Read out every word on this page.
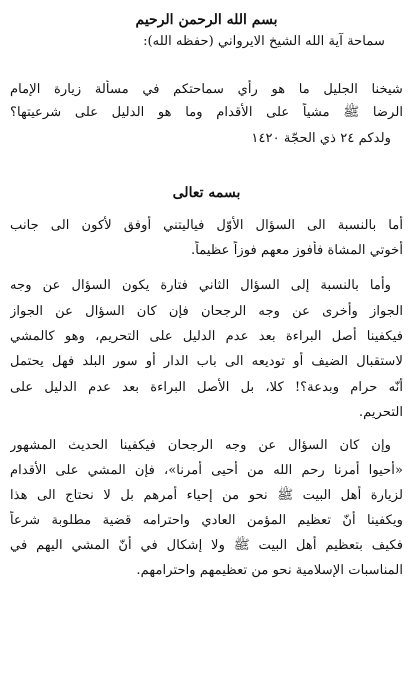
بسم الله الرحمن الرحيم
سماحة آية الله الشيخ الايرواني (حفظه الله):
شيخنا الجليل ما هو رأي سماحتكم في مسألة زيارة الإمام
الرضا ﷺ مشياً على الأقدام وما هو الدليل على شرعيتها؟
ولدكم ٢٤ ذي الحجّة ١٤٢٠
بسمه تعالى
أما بالنسبة الى السؤال الأوّل فياليتني أوفق لأكون الى جانب
أخوتي المشاة فأفوز معهم فوزاً عظيماً.
وأما بالنسبة إلى السؤال الثاني فتارة يكون السؤال عن وجه
الجواز وأخرى عن وجه الرجحان فإن كان السؤال عن الجواز
فيكفينا أصل البراءة بعد عدم الدليل على التحريم، وهو كالمشي
لاستقبال الضيف أو توديعه الى باب الدار أو سور البلد فهل يحتمل
أنّه حرام وبدعة؟! كلا، بل الأصل البراءة بعد عدم الدليل على
التحريم.
وإن كان السؤال عن وجه الرجحان فيكفينا الحديث المشهور
«أحيوا أمرنا رحم الله من أحيى أمرنا»، فإن المشي على الأقدام
لزيارة أهل البيت ﷺ نحو من إحياء أمرهم بل لا نحتاج الى هذا
ويكفينا أنّ تعظيم المؤمن العادي واحترامه قضية مطلوبة شرعاً
فكيف بتعظيم أهل البيت ﷺ ولا إشكال في أنّ المشي اليهم في
المناسبات الإسلامية نحو من تعظيمهم واحترامهم.
